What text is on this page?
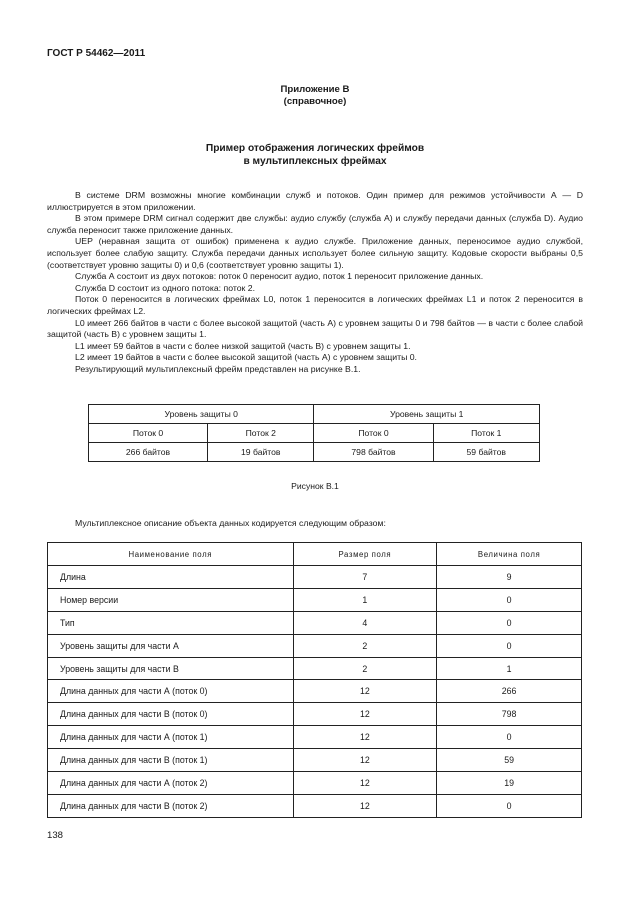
ГОСТ Р 54462—2011
Приложение В
(справочное)
Пример отображения логических фреймов
в мультиплексных фреймах

В системе DRM возможны многие комбинации служб и потоков. Один пример для режимов устойчивости А — D иллюстрируется в этом приложении.

В этом примере DRM сигнал содержит две службы: аудио службу (служба А) и службу передачи данных (служба D). Аудио служба переносит также приложение данных.

UEP (неравная защита от ошибок) применена к аудио службе. Приложение данных, переносимое аудио службой, использует более слабую защиту. Служба передачи данных использует более сильную защиту. Кодовые скорости выбраны 0,5 (соответствует уровню защиты 0) и 0,6 (соответствует уровню защиты 1).

Служба А состоит из двух потоков: поток 0 переносит аудио, поток 1 переносит приложение данных.

Служба D состоит из одного потока: поток 2.

Поток 0 переносится в логических фреймах L0, поток 1 переносится в логических фреймах L1 и поток 2 переносится в логических фреймах L2.

L0 имеет 266 байтов в части с более высокой защитой (часть А) с уровнем защиты 0 и 798 байтов — в части с более слабой защитой (часть В) с уровнем защиты 1.

L1 имеет 59 байтов в части с более низкой защитой (часть В) с уровнем защиты 1.

L2 имеет 19 байтов в части с более высокой защитой (часть А) с уровнем защиты 0.

Результирующий мультиплексный фрейм представлен на рисунке В.1.

Уровень защиты 0		Уровень защиты 1	
Поток 0	Поток 2	Поток 0	Поток 1
266 байтов	19 байтов	798 байтов	59 байтов
Рисунок В.1
Мультиплексное описание объекта данных кодируется следующим образом:
Наименование поля	Размер поля	Величина поля
Длина	7	9
Номер версии	1	0
Тип	4	0
Уровень защиты для части А	2	0
Уровень защиты для части В	2	1
Длина данных для части А (поток 0)	12	266
Длина данных для части В (поток 0)	12	798
Длина данных для части А (поток 1)	12	0
Длина данных для части В (поток 1)	12	59
Длина данных для части А (поток 2)	12	19
Длина данных для части В (поток 2)	12	0
138
